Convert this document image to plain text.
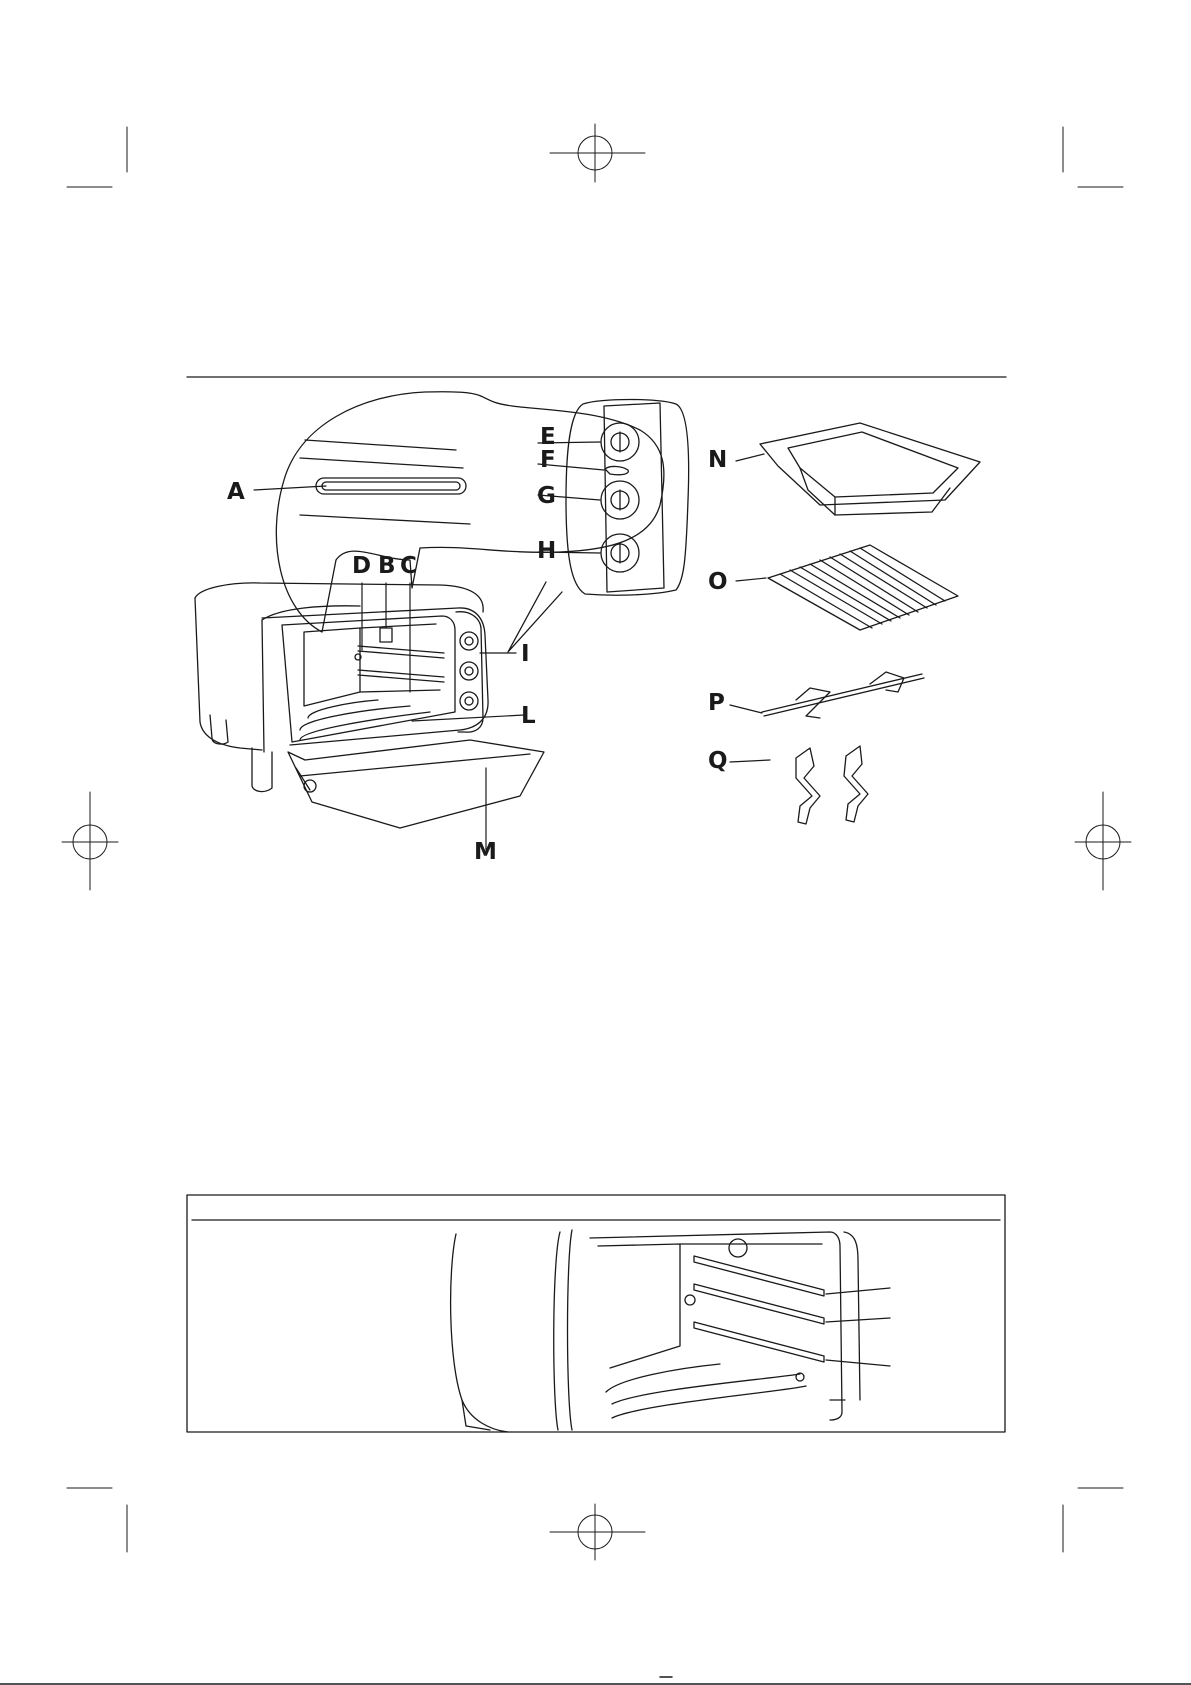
A
D B C
E
F
G
H
I
L
M
N
O
P
Q
